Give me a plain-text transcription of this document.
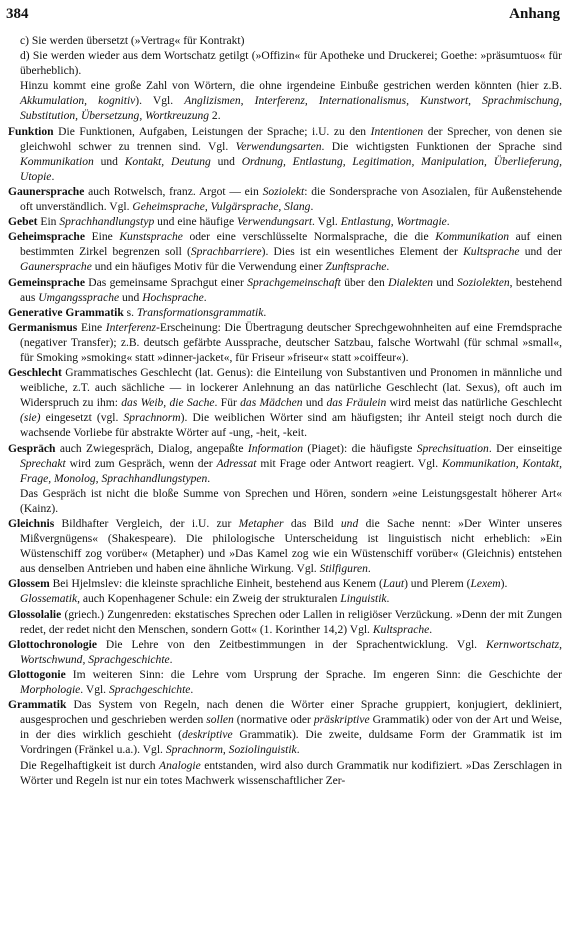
384	Anhang

c) Sie werden übersetzt (»Vertrag« für Kontrakt)

d) Sie werden wieder aus dem Wortschatz getilgt (»Offizin« für Apotheke und Druckerei; Goethe: »präsumtuos« für überheblich).

Hinzu kommt eine große Zahl von Wörtern, die ohne irgendeine Einbuße gestrichen werden könnten (hier z.B. Akkumulation, kognitiv). Vgl. Anglizismen, Interferenz, Internationalismus, Kunstwort, Sprachmischung, Substitution, Übersetzung, Wortkreuzung 2.

Funktion Die Funktionen, Aufgaben, Leistungen der Sprache; i.U. zu den Intentionen der Sprecher, von denen sie gleichwohl schwer zu trennen sind. Vgl. Verwendungsarten. Die wichtigsten Funktionen der Sprache sind Kommunikation und Kontakt, Deutung und Ordnung, Entlastung, Legitimation, Manipulation, Überlieferung, Utopie.

Gaunersprache auch Rotwelsch, franz. Argot — ein Soziolekt: die Sondersprache von Asozialen, für Außenstehende oft unverständlich. Vgl. Geheimsprache, Vulgärsprache, Slang.

Gebet Ein Sprachhandlungstyp und eine häufige Verwendungsart. Vgl. Entlastung, Wortmagie.

Geheimsprache Eine Kunstsprache oder eine verschlüsselte Normalsprache, die die Kommunikation auf einen bestimmten Zirkel begrenzen soll (Sprachbarriere). Dies ist ein wesentliches Element der Kultsprache und der Gaunersprache und ein häufiges Motiv für die Verwendung einer Zunftsprache.

Gemeinsprache Das gemeinsame Sprachgut einer Sprachgemeinschaft über den Dialekten und Soziolekten, bestehend aus Umgangssprache und Hochsprache.

Generative Grammatik s. Transformationsgrammatik.

Germanismus Eine Interferenz-Erscheinung: Die Übertragung deutscher Sprechgewohnheiten auf eine Fremdsprache (negativer Transfer); z.B. deutsch gefärbte Aussprache, deutscher Satzbau, falsche Wortwahl (für schmal »small«, für Smoking »smoking« statt »dinner-jacket«, für Friseur »friseur« statt »coiffeur«).

Geschlecht Grammatisches Geschlecht (lat. Genus): die Einteilung von Substantiven und Pronomen in männliche und weibliche, z.T. auch sächliche — in lockerer Anlehnung an das natürliche Geschlecht (lat. Sexus), oft auch im Widerspruch zu ihm: das Weib, die Sache. Für das Mädchen und das Fräulein wird meist das natürliche Geschlecht (sie) eingesetzt (vgl. Sprachnorm). Die weiblichen Wörter sind am häufigsten; ihr Anteil steigt noch durch die wachsende Vorliebe für abstrakte Wörter auf -ung, -heit, -keit.

Gespräch auch Zwiegespräch, Dialog, angepaßte Information (Piaget): die häufigste Sprechsituation. Der einseitige Sprechakt wird zum Gespräch, wenn der Adressat mit Frage oder Antwort reagiert. Vgl. Kommunikation, Kontakt, Frage, Monolog, Sprachhandlungstypen.

Das Gespräch ist nicht die bloße Summe von Sprechen und Hören, sondern »eine Leistungsgestalt höherer Art« (Kainz).

Gleichnis Bildhafter Vergleich, der i.U. zur Metapher das Bild und die Sache nennt: »Der Winter unseres Mißvergnügens« (Shakespeare). Die philologische Unterscheidung ist linguistisch nicht erheblich: »Ein Wüstenschiff zog vorüber« (Metapher) und »Das Kamel zog wie ein Wüstenschiff vorüber« (Gleichnis) entstehen aus denselben Antrieben und haben eine ähnliche Wirkung. Vgl. Stilfiguren.

Glossem Bei Hjelmslev: die kleinste sprachliche Einheit, bestehend aus Kenem (Laut) und Plerem (Lexem).

Glossematik, auch Kopenhagener Schule: ein Zweig der strukturalen Linguistik.

Glossolalie (griech.) Zungenreden: ekstatisches Sprechen oder Lallen in religiöser Verzückung. »Denn der mit Zungen redet, der redet nicht den Menschen, sondern Gott« (1. Korinther 14,2) Vgl. Kultsprache.

Glottochronologie Die Lehre von den Zeitbestimmungen in der Sprachentwicklung. Vgl. Kernwortschatz, Wortschwund, Sprachgeschichte.

Glottogonie Im weiteren Sinn: die Lehre vom Ursprung der Sprache. Im engeren Sinn: die Geschichte der Morphologie. Vgl. Sprachgeschichte.

Grammatik Das System von Regeln, nach denen die Wörter einer Sprache gruppiert, konjugiert, dekliniert, ausgesprochen und geschrieben werden sollen (normative oder präskriptive Grammatik) oder von der Art und Weise, in der dies wirklich geschieht (deskriptive Grammatik). Die zweite, duldsame Form der Grammatik ist im Vordringen (Fränkel u.a.). Vgl. Sprachnorm, Soziolinguistik.

Die Regelhaftigkeit ist durch Analogie entstanden, wird also durch Grammatik nur kodifiziert. »Das Zerschlagen in Wörter und Regeln ist nur ein totes Machwerk wissenschaftlicher Zer-
